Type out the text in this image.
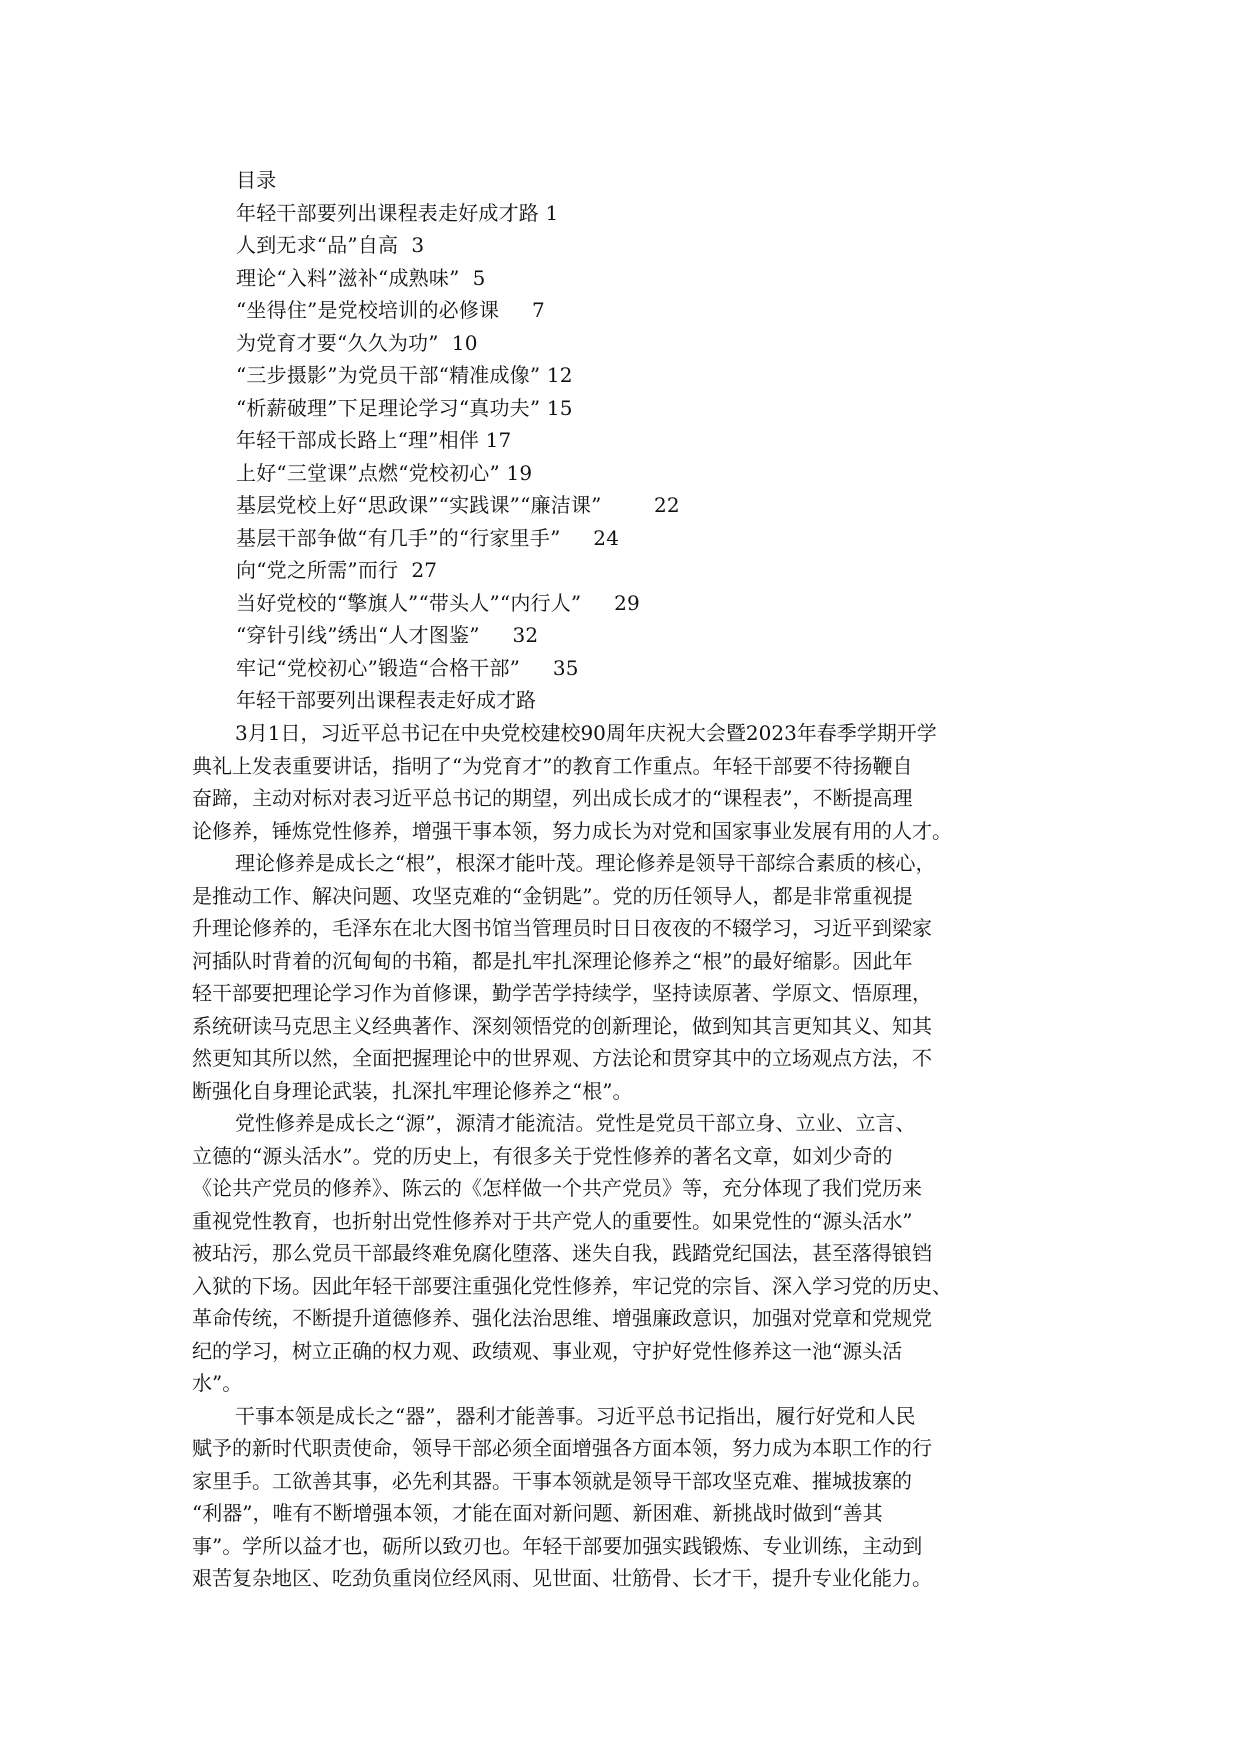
目录
年轻干部要列出课程表走好成才路 1
人到无求“品”自高  3
理论“入料”滋补“成熟味”  5
“坐得住”是党校培训的必修课     7
为党育才要“久久为功”  10
“三步摄影”为党员干部“精准成像” 12
“析薪破理”下足理论学习“真功夫” 15
年轻干部成长路上“理”相伴 17
上好“三堂课”点燃“党校初心” 19
基层党校上好“思政课”“实践课”“廉洁课”        22
基层干部争做“有几手”的“行家里手”     24
向“党之所需”而行  27
当好党校的“擎旗人”“带头人”“内行人”     29
“穿针引线”绣出“人才图鉴”     32
牢记“党校初心”锻造“合格干部”     35
年轻干部要列出课程表走好成才路
3月1日，习近平总书记在中央党校建校90周年庆祝大会暨2023年春季学期开学
典礼上发表重要讲话，指明了“为党育才”的教育工作重点。年轻干部要不待扬鞭自
奋蹄，主动对标对表习近平总书记的期望，列出成长成才的“课程表”，不断提高理
论修养，锤炼党性修养，增强干事本领，努力成长为对党和国家事业发展有用的人才。
理论修养是成长之“根”，根深才能叶茂。理论修养是领导干部综合素质的核心，
是推动工作、解决问题、攻坚克难的“金钥匙”。党的历任领导人，都是非常重视提
升理论修养的，毛泽东在北大图书馆当管理员时日日夜夜的不辍学习，习近平到梁家
河插队时背着的沉甸甸的书箱，都是扎牢扎深理论修养之“根”的最好缩影。因此年
轻干部要把理论学习作为首修课，勤学苦学持续学，坚持读原著、学原文、悟原理，
系统研读马克思主义经典著作、深刻领悟党的创新理论，做到知其言更知其义、知其
然更知其所以然，全面把握理论中的世界观、方法论和贯穿其中的立场观点方法，不
断强化自身理论武装，扎深扎牢理论修养之“根”。
党性修养是成长之“源”，源清才能流洁。党性是党员干部立身、立业、立言、
立德的“源头活水”。党的历史上，有很多关于党性修养的著名文章，如刘少奇的
《论共产党员的修养》、陈云的《怎样做一个共产党员》等，充分体现了我们党历来
重视党性教育，也折射出党性修养对于共产党人的重要性。如果党性的“源头活水”
被玷污，那么党员干部最终难免腐化堕落、迷失自我，践踏党纪国法，甚至落得锒铛
入狱的下场。因此年轻干部要注重强化党性修养，牢记党的宗旨、深入学习党的历史、
革命传统，不断提升道德修养、强化法治思维、增强廉政意识，加强对党章和党规党
纪的学习，树立正确的权力观、政绩观、事业观，守护好党性修养这一池“源头活
水”。
干事本领是成长之“器”，器利才能善事。习近平总书记指出，履行好党和人民
赋予的新时代职责使命，领导干部必须全面增强各方面本领，努力成为本职工作的行
家里手。工欲善其事，必先利其器。干事本领就是领导干部攻坚克难、摧城拔寨的
“利器”，唯有不断增强本领，才能在面对新问题、新困难、新挑战时做到“善其
事”。学所以益才也，砺所以致刃也。年轻干部要加强实践锻炼、专业训练，主动到
艰苦复杂地区、吃劲负重岗位经风雨、见世面、壮筋骨、长才干，提升专业化能力。
